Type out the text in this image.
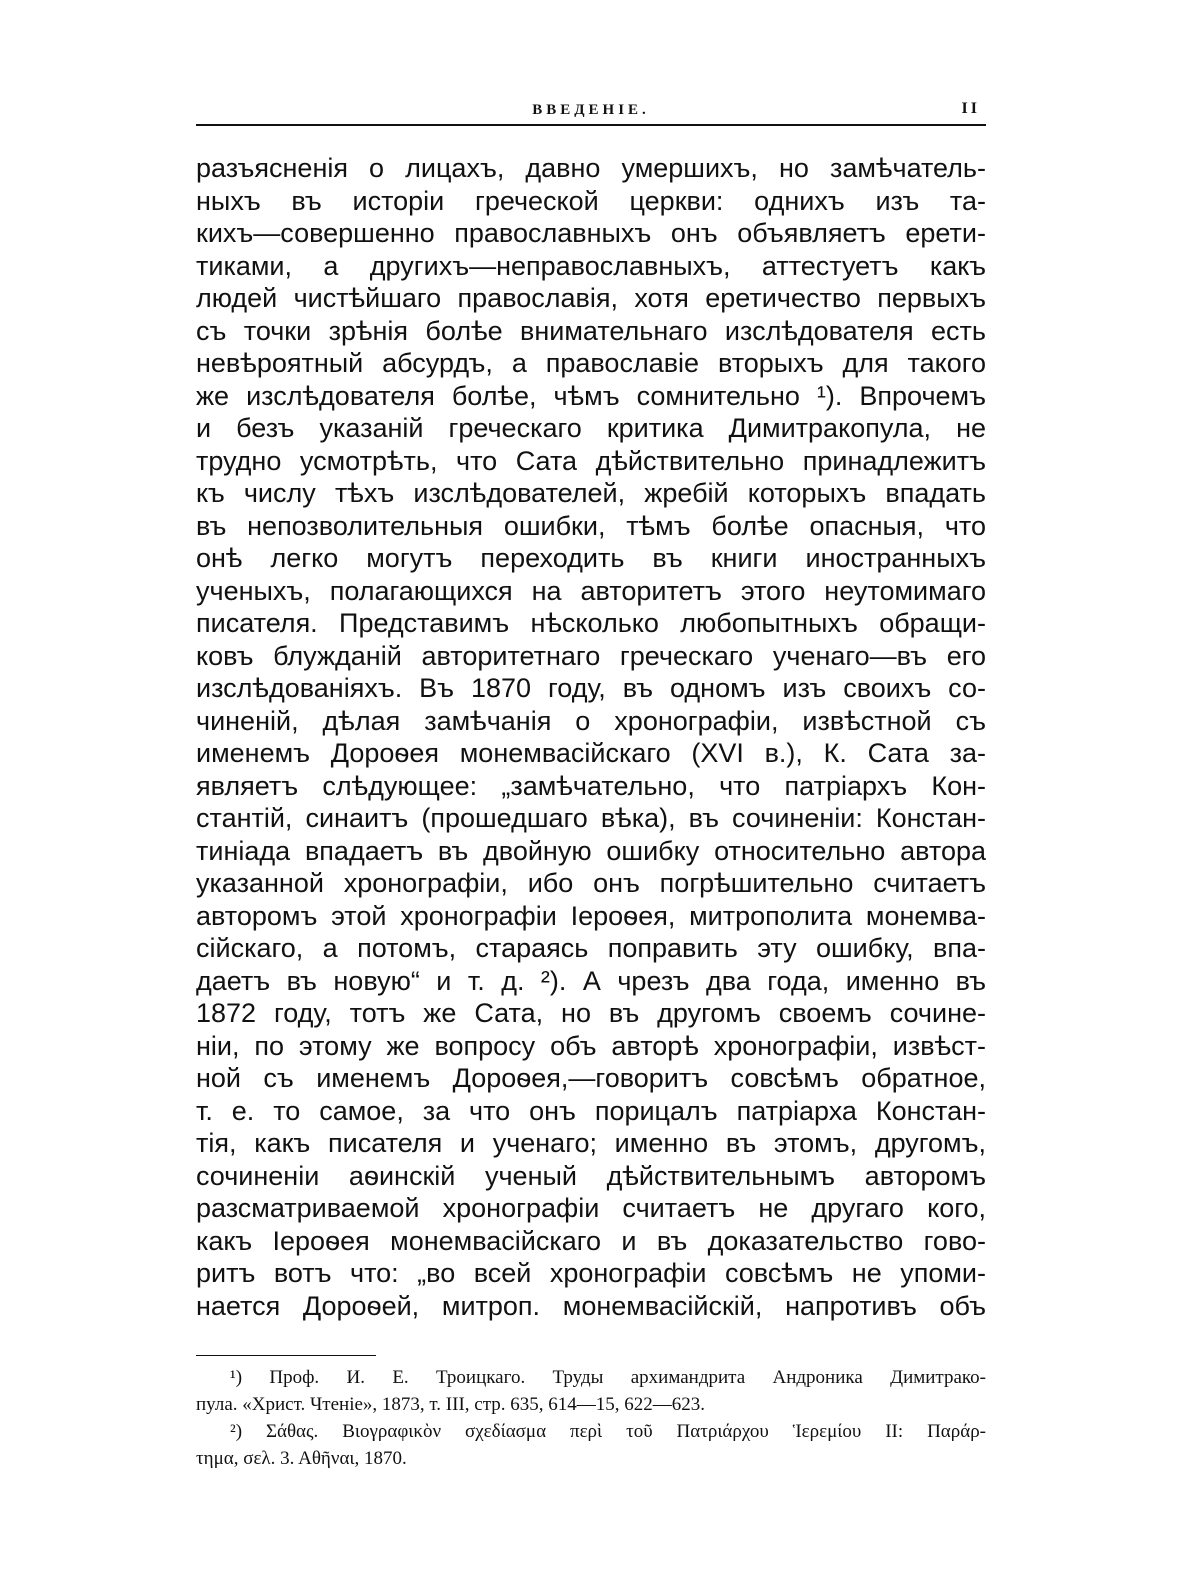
ВВЕДЕНІЕ.	II
разъясненія о лицахъ, давно умершихъ, но замѣчатель-
ныхъ въ исторіи греческой церкви: однихъ изъ та-
кихъ—совершенно православныхъ онъ объявляетъ ерети-
тиками, а другихъ—неправославныхъ, аттестуетъ какъ
людей чистѣйшаго православія, хотя еретичество первыхъ
съ точки зрѣнія болѣе внимательнаго изслѣдователя есть
невѣроятный абсурдъ, а православіе вторыхъ для такого
же изслѣдователя болѣе, чѣмъ сомнительно ¹). Впрочемъ
и безъ указаній греческаго критика Димитракопула, не
трудно усмотрѣть, что Сата дѣйствительно принадлежитъ
къ числу тѣхъ изслѣдователей, жребій которыхъ впадать
въ непозволительныя ошибки, тѣмъ болѣе опасныя, что
онѣ легко могутъ переходить въ книги иностранныхъ
ученыхъ, полагающихся на авторитетъ этого неутомимаго
писателя. Представимъ нѣсколько любопытныхъ обращи-
ковъ блужданій авторитетнаго греческаго ученаго—въ его
изслѣдованіяхъ. Въ 1870 году, въ одномъ изъ своихъ со-
чиненій, дѣлая замѣчанія о хронографіи, извѣстной съ
именемъ Дороѳея монемвасійскаго (XVI в.), К. Сата за-
являетъ слѣдующее: „замѣчательно, что патріархъ Кон-
стантій, синаитъ (прошедшаго вѣка), въ сочиненіи: Констан-
тиніада впадаетъ въ двойную ошибку относительно автора
указанной хронографіи, ибо онъ погрѣшительно считаетъ
авторомъ этой хронографіи Іероѳея, митрополита монемва-
сійскаго, а потомъ, стараясь поправить эту ошибку, впа-
даетъ въ новую“ и т. д. ²). А чрезъ два года, именно въ
1872 году, тотъ же Сата, но въ другомъ своемъ сочине-
ніи, по этому же вопросу объ авторѣ хронографіи, извѣст-
ной съ именемъ Дороѳея,—говоритъ совсѣмъ обратное,
т. е. то самое, за что онъ порицалъ патріарха Констан-
тія, какъ писателя и ученаго; именно въ этомъ, другомъ,
сочиненіи аѳинскій ученый дѣйствительнымъ авторомъ
разсматриваемой хронографіи считаетъ не другаго кого,
какъ Іероѳея монемвасійскаго и въ доказательство гово-
ритъ вотъ что: „во всей хронографіи совсѣмъ не упоми-
нается Дороѳей, митроп. монемвасійскій, напротивъ объ
¹) Проф. И. Е. Троицкаго. Труды архимандрита Андроника Димитрако-
пула. «Христ. Чтеніе», 1873, т. III, стр. 635, 614—15, 622—623.
²) Σάθας. Βιογραφικὸν σχεδίασμα περὶ τοῦ Πατριάρχου Ἱερεμίου ΙΙ: Παράρ-
τημα, σελ. 3. Αθῆναι, 1870.
